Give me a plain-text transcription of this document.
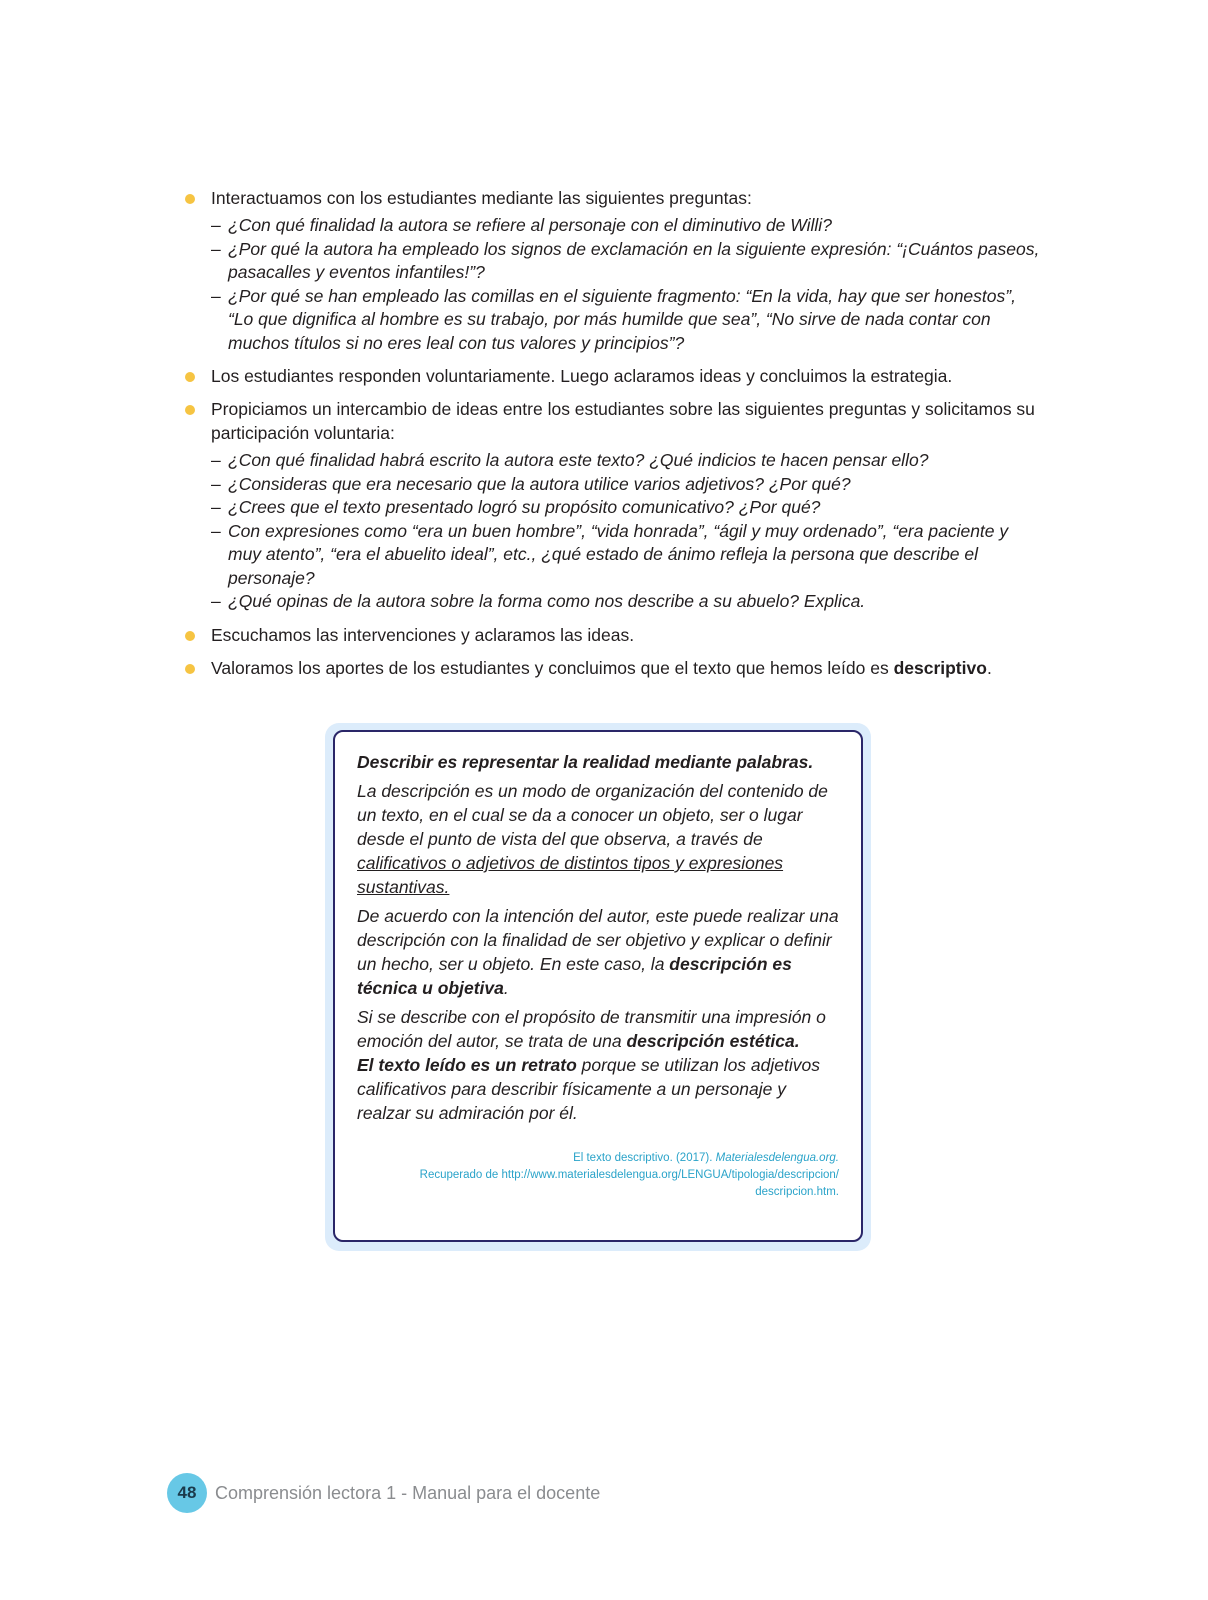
Interactuamos con los estudiantes mediante las siguientes preguntas:
– ¿Con qué finalidad la autora se refiere al personaje con el diminutivo de Willi?
– ¿Por qué la autora ha empleado los signos de exclamación en la siguiente expresión: “¡Cuántos paseos, pasacalles y eventos infantiles!”?
– ¿Por qué se han empleado las comillas en el siguiente fragmento: “En la vida, hay que ser honestos”, “Lo que dignifica al hombre es su trabajo, por más humilde que sea”, “No sirve de nada contar con muchos títulos si no eres leal con tus valores y principios”?
Los estudiantes responden voluntariamente. Luego aclaramos ideas y concluimos la estrategia.
Propiciamos un intercambio de ideas entre los estudiantes sobre las siguientes preguntas y solicitamos su participación voluntaria:
– ¿Con qué finalidad habrá escrito la autora este texto? ¿Qué indicios te hacen pensar ello?
– ¿Consideras que era necesario que la autora utilice varios adjetivos? ¿Por qué?
– ¿Crees que el texto presentado logró su propósito comunicativo? ¿Por qué?
– Con expresiones como “era un buen hombre”, “vida honrada”, “ágil y muy ordenado”, “era paciente y muy atento”, “era el abuelito ideal”, etc., ¿qué estado de ánimo refleja la persona que describe el personaje?
– ¿Qué opinas de la autora sobre la forma como nos describe a su abuelo? Explica.
Escuchamos las intervenciones y aclaramos las ideas.
Valoramos los aportes de los estudiantes y concluimos que el texto que hemos leído es descriptivo.

Describir es representar la realidad mediante palabras.

La descripción es un modo de organización del contenido de un texto, en el cual se da a conocer un objeto, ser o lugar desde el punto de vista del que observa, a través de calificativos o adjetivos de distintos tipos y expresiones sustantivas.

De acuerdo con la intención del autor, este puede realizar una descripción con la finalidad de ser objetivo y explicar o definir un hecho, ser u objeto. En este caso, la descripción es técnica u objetiva.

Si se describe con el propósito de transmitir una impresión o emoción del autor, se trata de una descripción estética.
El texto leído es un retrato porque se utilizan los adjetivos calificativos para describir físicamente a un personaje y realzar su admiración por él.

El texto descriptivo. (2017). Materialesdelengua.org.
Recuperado de http://www.materialesdelengua.org/LENGUA/tipologia/descripcion/
descripcion.htm.
48	Comprensión lectora 1 - Manual para el docente
